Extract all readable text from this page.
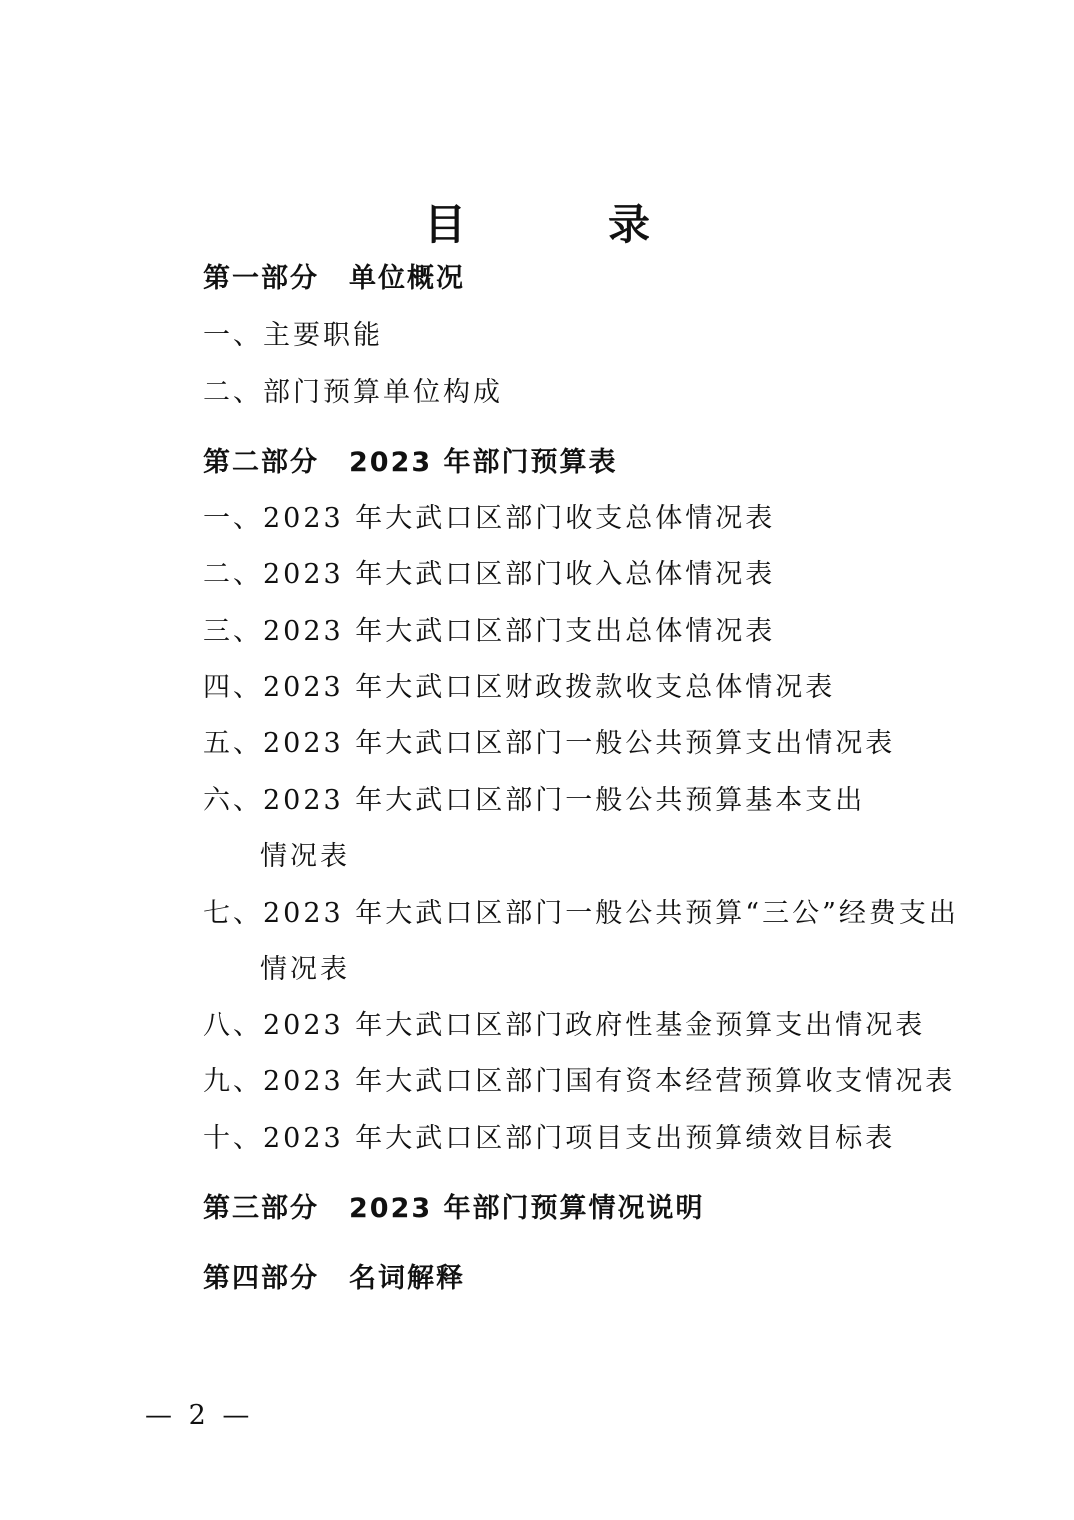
目　录
第一部分 单位概况
一、主要职能
二、部门预算单位构成
第二部分 2023 年部门预算表
一、2023 年大武口区部门收支总体情况表
二、2023 年大武口区部门收入总体情况表
三、2023 年大武口区部门支出总体情况表
四、2023 年大武口区财政拨款收支总体情况表
五、2023 年大武口区部门一般公共预算支出情况表
六、2023 年大武口区部门一般公共预算基本支出
情况表
七、2023 年大武口区部门一般公共预算“三公”经费支出
情况表
八、2023 年大武口区部门政府性基金预算支出情况表
九、2023 年大武口区部门国有资本经营预算收支情况表
十、2023 年大武口区部门项目支出预算绩效目标表
第三部分 2023 年部门预算情况说明
第四部分 名词解释
— 2 —
